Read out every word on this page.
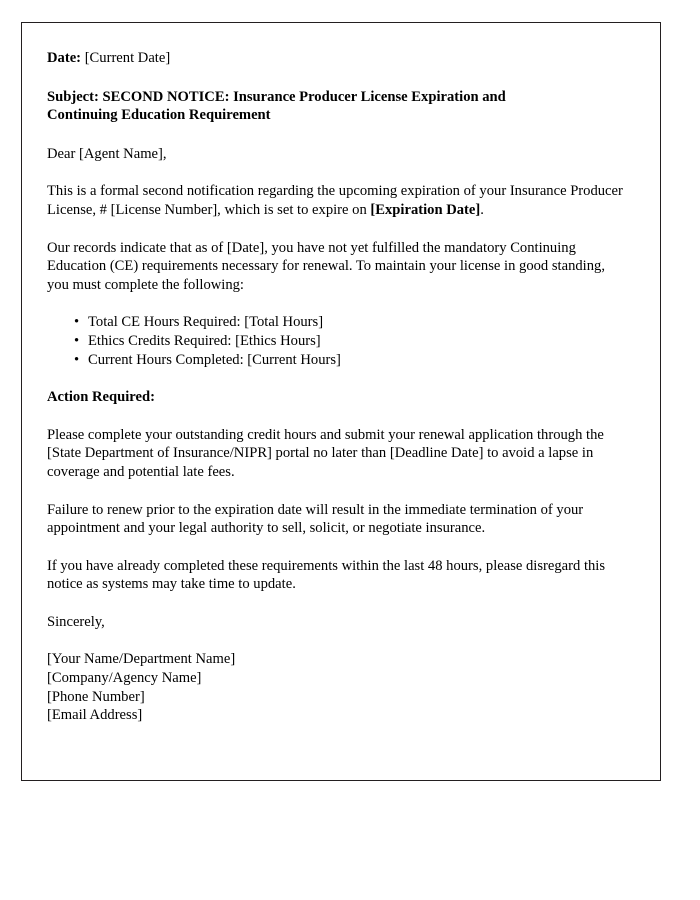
Date: [Current Date]

Subject: SECOND NOTICE: Insurance Producer License Expiration and Continuing Education Requirement

Dear [Agent Name],

This is a formal second notification regarding the upcoming expiration of your Insurance Producer License, # [License Number], which is set to expire on [Expiration Date].

Our records indicate that as of [Date], you have not yet fulfilled the mandatory Continuing Education (CE) requirements necessary for renewal. To maintain your license in good standing, you must complete the following:

• Total CE Hours Required: [Total Hours]
• Ethics Credits Required: [Ethics Hours]
• Current Hours Completed: [Current Hours]

Action Required:

Please complete your outstanding credit hours and submit your renewal application through the [State Department of Insurance/NIPR] portal no later than [Deadline Date] to avoid a lapse in coverage and potential late fees.

Failure to renew prior to the expiration date will result in the immediate termination of your appointment and your legal authority to sell, solicit, or negotiate insurance.

If you have already completed these requirements within the last 48 hours, please disregard this notice as systems may take time to update.

Sincerely,

[Your Name/Department Name]

[Company/Agency Name]

[Phone Number]

[Email Address]
